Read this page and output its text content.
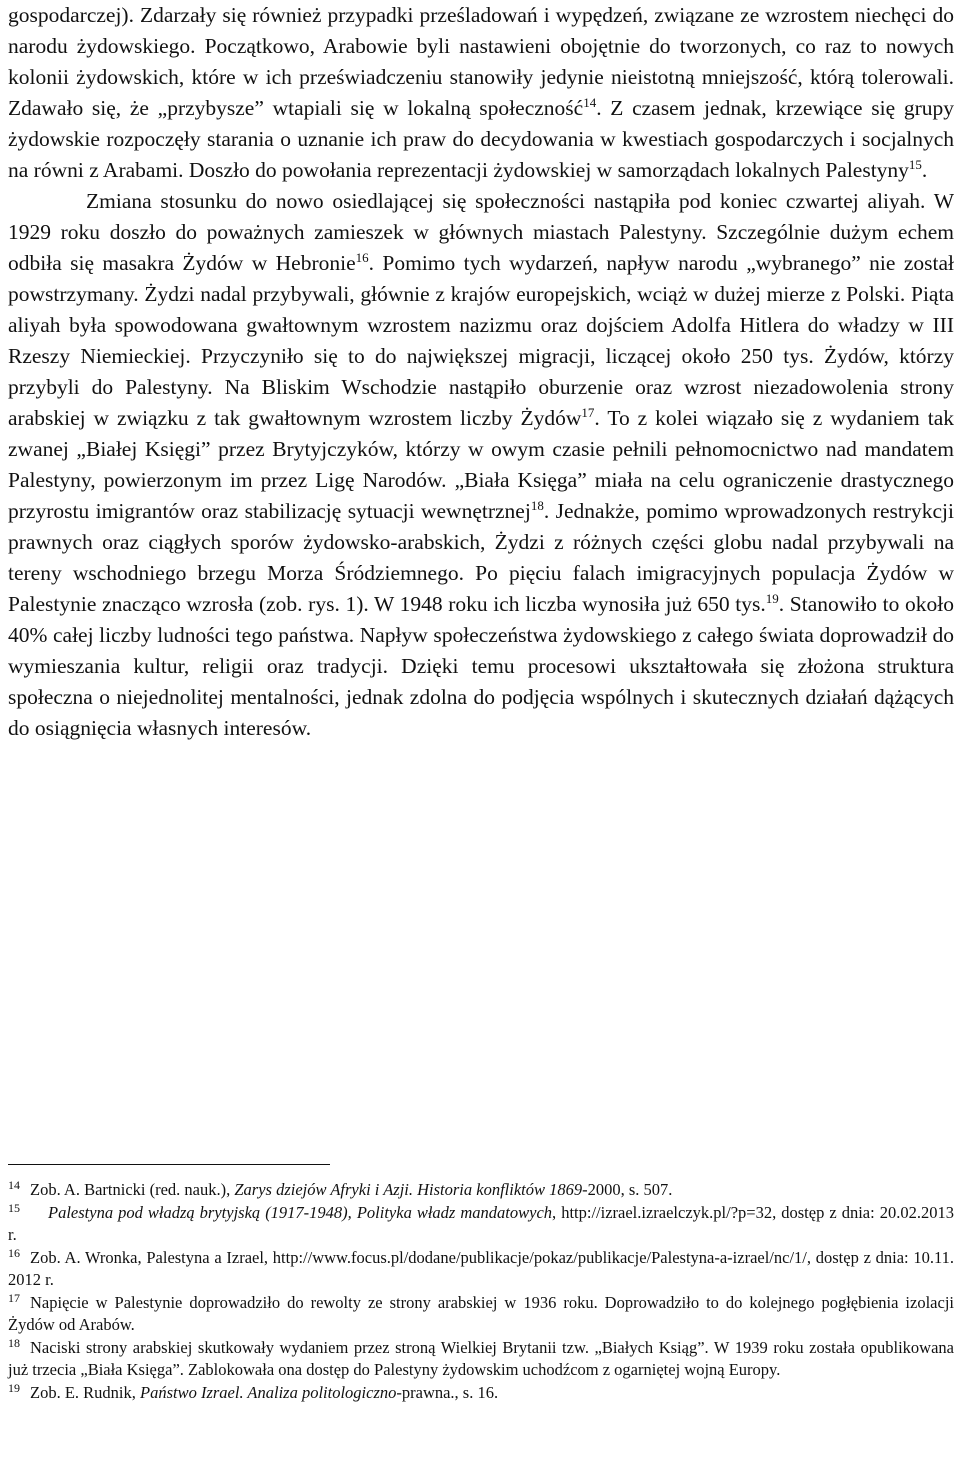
gospodarczej). Zdarzały się również przypadki prześladowań i wypędzeń, związane ze wzrostem niechęci do narodu żydowskiego. Początkowo, Arabowie byli nastawieni obojętnie do tworzonych, co raz to nowych kolonii żydowskich, które w ich przeświadczeniu stanowiły jedynie nieistotną mniejszość, którą tolerowali. Zdawało się, że „przybysze” wtapiali się w lokalną społeczność$^{14}$. Z czasem jednak, krzewiące się grupy żydowskie rozpoczęły starania o uznanie ich praw do decydowania w kwestiach gospodarczych i socjalnych na równi z Arabami. Doszło do powołania reprezentacji żydowskiej w samorządach lokalnych Palestyny$^{15}$.

Zmiana stosunku do nowo osiedlającej się społeczności nastąpiła pod koniec czwartej aliyah. W 1929 roku doszło do poważnych zamieszek w głównych miastach Palestyny. Szczególnie dużym echem odbiła się masakra Żydów w Hebronie$^{16}$. Pomimo tych wydarzeń, napływ narodu „wybranego” nie został powstrzymany. Żydzi nadal przybywali, głównie z krajów europejskich, wciąż w dużej mierze z Polski. Piąta aliyah była spowodowana gwałtownym wzrostem nazizmu oraz dojściem Adolfa Hitlera do władzy w III Rzeszy Niemieckiej. Przyczyniło się to do największej migracji, liczącej około 250 tys. Żydów, którzy przybyli do Palestyny. Na Bliskim Wschodzie nastąpiło oburzenie oraz wzrost niezadowolenia strony arabskiej w związku z tak gwałtownym wzrostem liczby Żydów$^{17}$. To z kolei wiązało się z wydaniem tak zwanej „Białej Księgi” przez Brytyjczyków, którzy w owym czasie pełnili pełnomocnictwo nad mandatem Palestyny, powierzonym im przez Ligę Narodów. „Biała Księga” miała na celu ograniczenie drastycznego przyrostu imigrantów oraz stabilizację sytuacji wewnętrznej$^{18}$. Jednakże, pomimo wprowadzonych restrykcji prawnych oraz ciągłych sporów żydowsko-arabskich, Żydzi z różnych części globu nadal przybywali na tereny wschodniego brzegu Morza Śródziemnego. Po pięciu falach imigracyjnych populacja Żydów w Palestynie znacząco wzrosła (zob. rys. 1). W 1948 roku ich liczba wynosiła już 650 tys.$^{19}$. Stanowiło to około 40% całej liczby ludności tego państwa. Napływ społeczeństwa żydowskiego z całego świata doprowadził do wymieszania kultur, religii oraz tradycji. Dzięki temu procesowi ukształtowała się złożona struktura społeczna o niejednolitej mentalności, jednak zdolna do podjęcia wspólnych i skutecznych działań dążących do osiągnięcia własnych interesów.

$^{14}$ Zob. A. Bartnicki (red. nauk.), Zarys dziejów Afryki i Azji. Historia konfliktów 1869-2000, s. 507.

$^{15}$ Palestyna pod władzą brytyjską (1917-1948), Polityka władz mandatowych, http://izrael.izraelczyk.pl/?p=32, dostęp z dnia: 20.02.2013 r.

$^{16}$ Zob. A. Wronka, Palestyna a Izrael, http://www.focus.pl/dodane/publikacje/pokaz/publikacje/Palestyna-a-izrael/nc/1/, dostęp z dnia: 10.11.2012 r.

$^{17}$ Napięcie w Palestynie doprowadziło do rewolty ze strony arabskiej w 1936 roku. Doprowadziło to do kolejnego pogłębienia izolacji Żydów od Arabów.

$^{18}$ Naciski strony arabskiej skutkowały wydaniem przez stroną Wielkiej Brytanii tzw. „Białych Ksiąg”. W 1939 roku została opublikowana już trzecia „Biała Księga”. Zablokowała ona dostęp do Palestyny żydowskim uchodźcom z ogarniętej wojną Europy.

$^{19}$ Zob. E. Rudnik, Państwo Izrael. Analiza politologiczno-prawna., s. 16.
